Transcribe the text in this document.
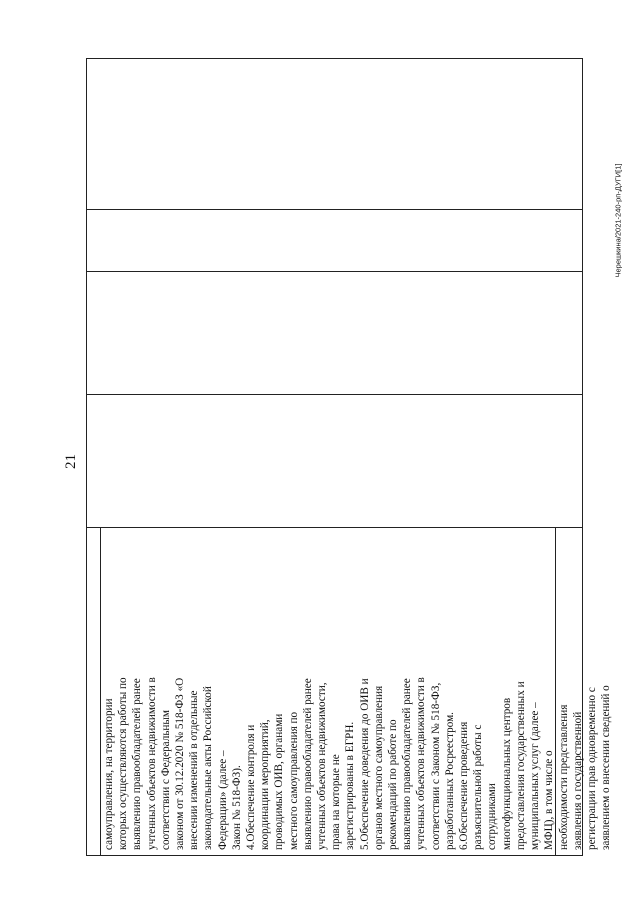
21
Черешкина/2021-240-рп-ДУГИ[1]
самоуправления, на территории которых осуществляются работы по выявлению правообладателей ранее учтенных объектов недвижимости в соответствии с Федеральным законом от 30.12.2020 № 518-ФЗ «О внесении изменений в отдельные законодательные акты Российской Федерации» (далее – Закон № 518-ФЗ). 4.Обеспечение контроля и координации мероприятий, проводимых ОИВ, органами местного самоуправления по выявлению правообладателей ранее учтенных объектов недвижимости, права на которые не зарегистрированы в ЕГРН. 5.Обеспечение доведения до ОИВ и органов местного самоуправления рекомендаций по работе по выявлению правообладателей ранее учтенных объектов недвижимости в соответствии с Законом № 518-ФЗ, разработанных Росреестром. 6.Обеспечение проведения разъяснительной работы с сотрудниками многофункциональных центров предоставления государственных и муниципальных услуг (далее – МФЦ), в том числе о необходимости представления заявления о государственной регистрации прав одновременно с заявлением о внесении сведений о
